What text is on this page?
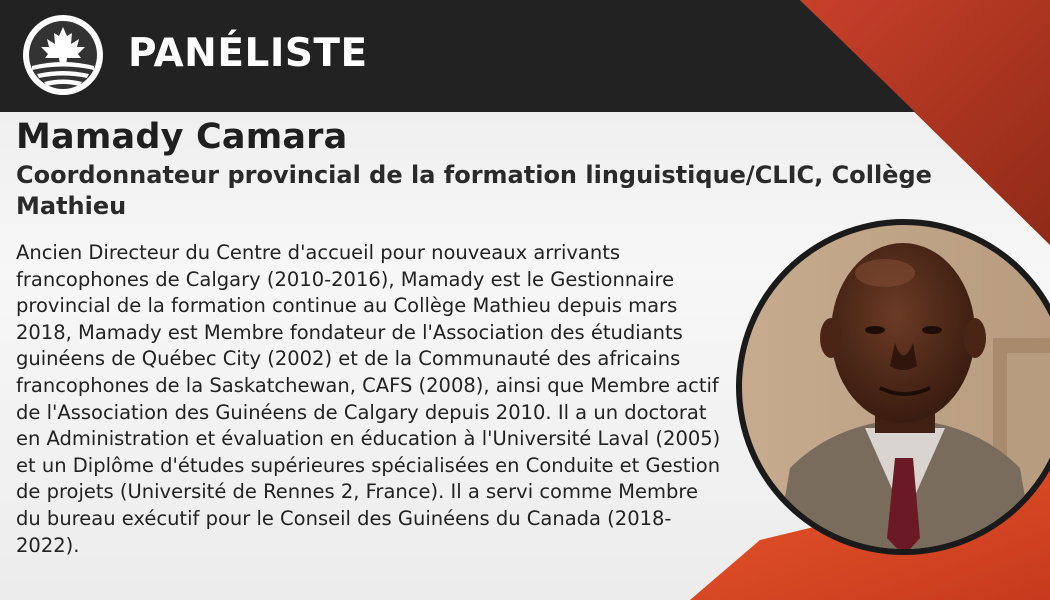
PANÉLISTE
Mamady Camara
Coordonnateur provincial de la formation linguistique/CLIC, Collège Mathieu
Ancien Directeur du Centre d'accueil pour nouveaux arrivants francophones de Calgary (2010-2016), Mamady est le Gestionnaire provincial de la formation continue au Collège Mathieu depuis mars 2018, Mamady est Membre fondateur de l'Association des étudiants guinéens de Québec City (2002) et de la Communauté des africains francophones de la Saskatchewan, CAFS (2008), ainsi que Membre actif de l'Association des Guinéens de Calgary depuis 2010. Il a un doctorat en Administration et évaluation en éducation à l'Université Laval (2005) et un Diplôme d'études supérieures spécialisées en Conduite et Gestion de projets (Université de Rennes 2, France). Il a servi comme Membre du bureau exécutif pour le Conseil des Guinéens du Canada (2018-2022).
